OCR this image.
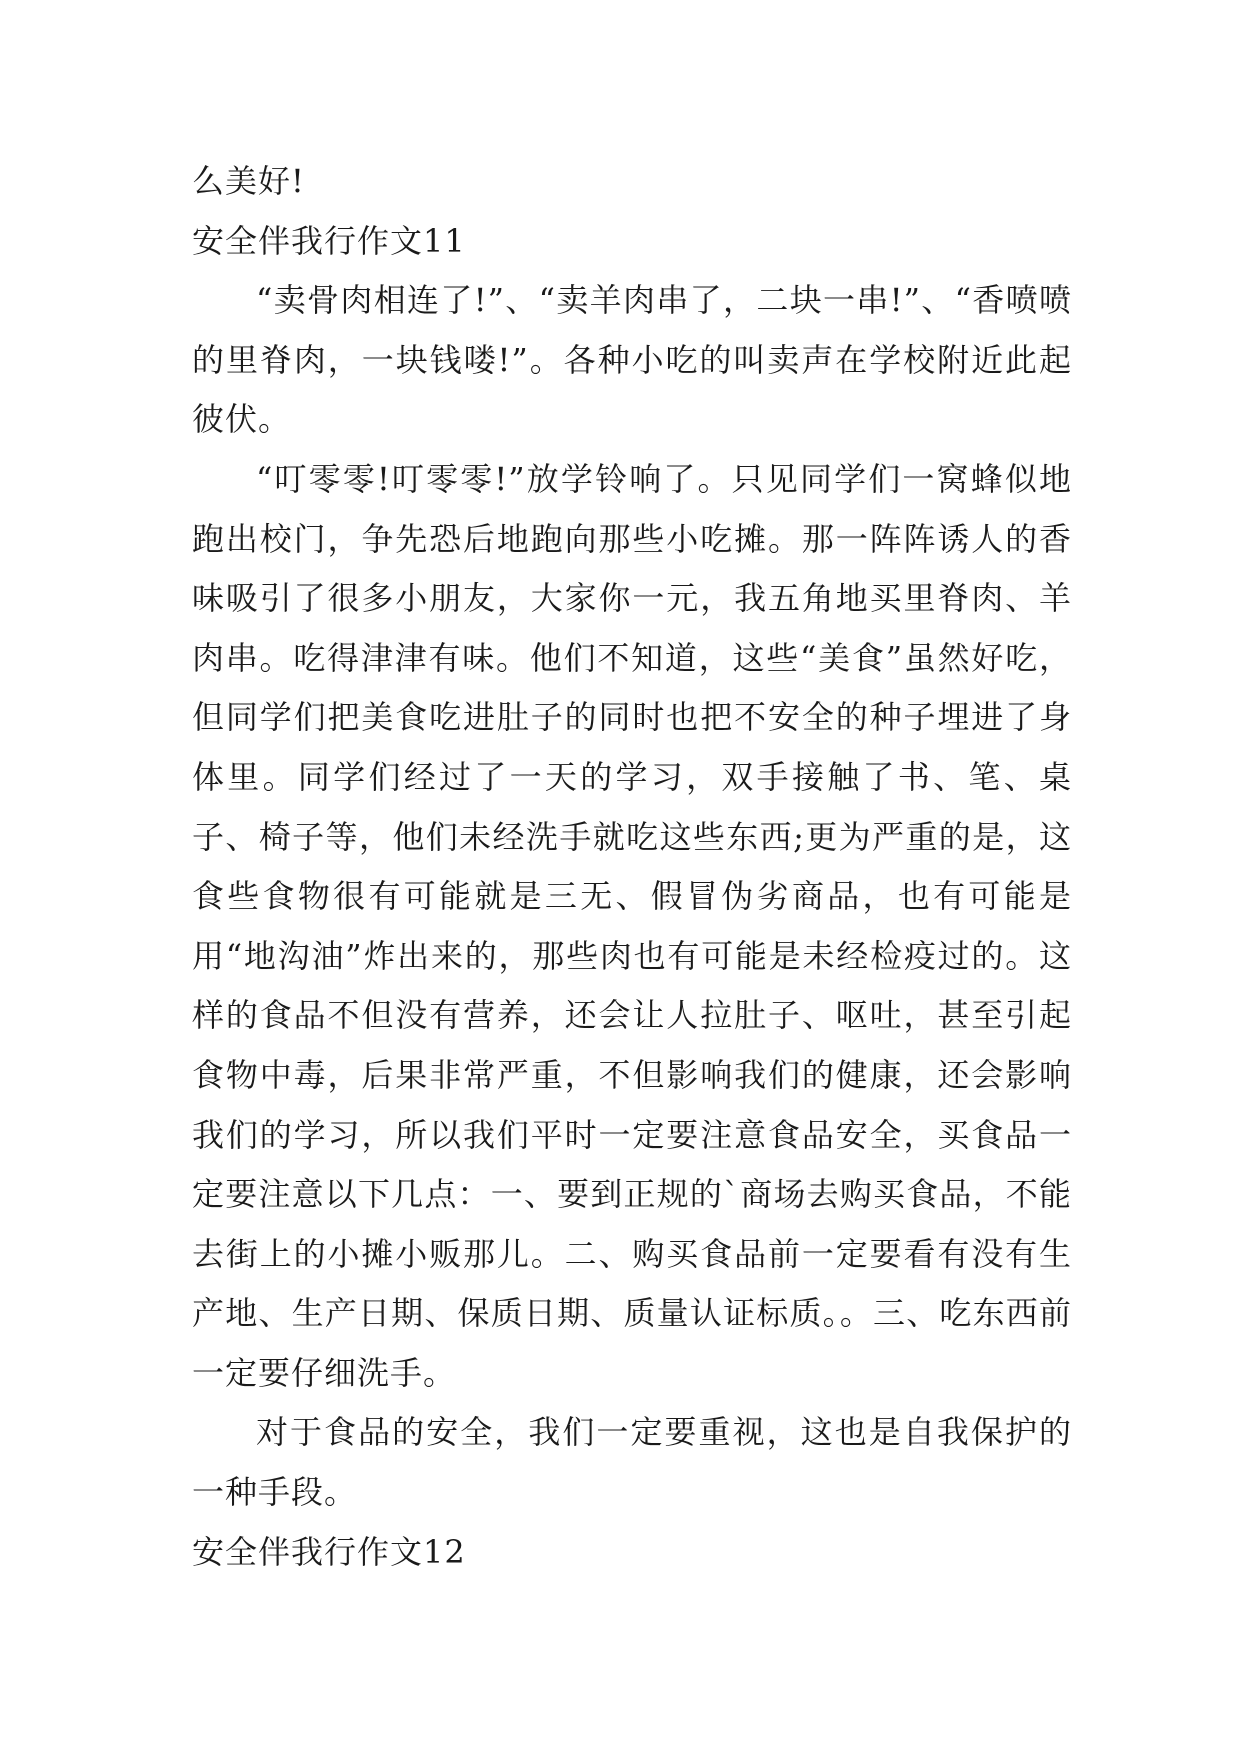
么美好!

安全伴我行作文11

“卖骨肉相连了!”、“卖羊肉串了，二块一串!”、“香喷喷的里脊肉，一块钱喽!”。各种小吃的叫卖声在学校附近此起彼伏。

“叮零零!叮零零!”放学铃响了。只见同学们一窝蜂似地跑出校门，争先恐后地跑向那些小吃摊。那一阵阵诱人的香味吸引了很多小朋友，大家你一元，我五角地买里脊肉、羊肉串。吃得津津有味。他们不知道，这些“美食”虽然好吃，但同学们把美食吃进肚子的同时也把不安全的种子埋进了身体里。同学们经过了一天的学习，双手接触了书、笔、桌子、椅子等，他们未经洗手就吃这些东西;更为严重的是，这食些食物很有可能就是三无、假冒伪劣商品，也有可能是用“地沟油”炸出来的，那些肉也有可能是未经检疫过的。这样的食品不但没有营养，还会让人拉肚子、呕吐，甚至引起食物中毒，后果非常严重，不但影响我们的健康，还会影响我们的学习，所以我们平时一定要注意食品安全，买食品一定要注意以下几点：一、要到正规的`商场去购买食品，不能去街上的小摊小贩那儿。二、购买食品前一定要看有没有生产地、生产日期、保质日期、质量认证标质。。三、吃东西前一定要仔细洗手。

对于食品的安全，我们一定要重视，这也是自我保护的一种手段。

安全伴我行作文12
